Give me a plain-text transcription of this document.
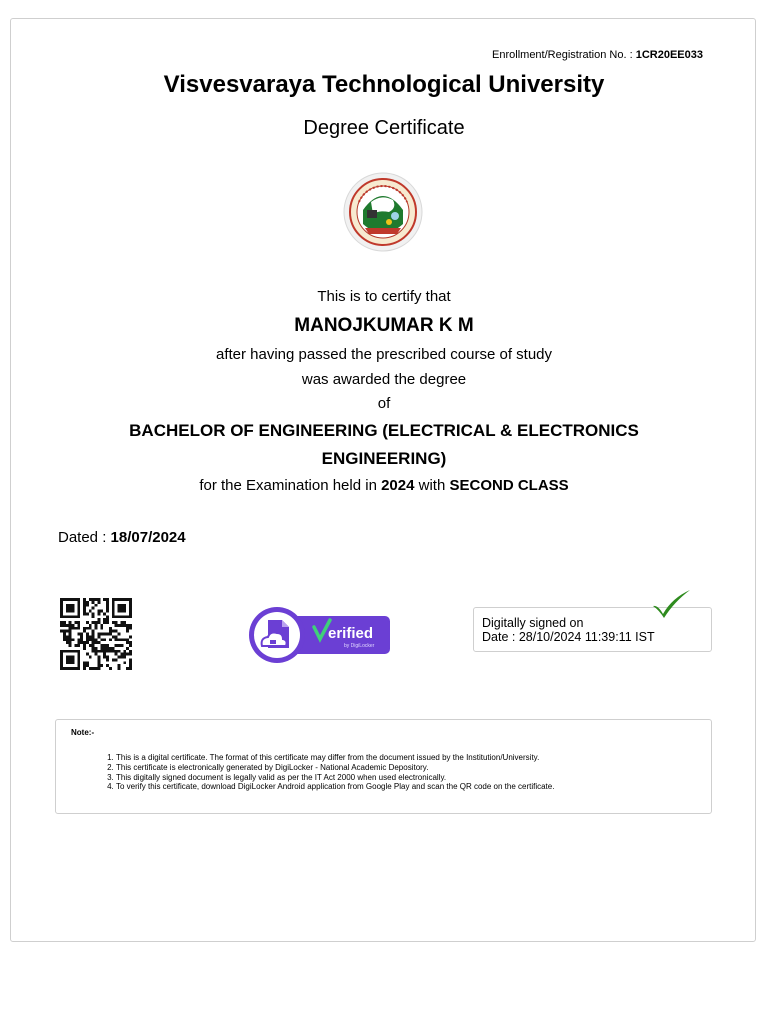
Enrollment/Registration No. : 1CR20EE033
Visvesvaraya Technological University
Degree Certificate
This is to certify that
MANOJKUMAR K M
after having passed the prescribed course of study
was awarded the degree
of
BACHELOR OF ENGINEERING (ELECTRICAL & ELECTRONICS
ENGINEERING)
for the Examination held in 2024 with SECOND CLASS
Dated : 18/07/2024
erified
by DigiLocker
Digitally signed on
Date : 28/10/2024 11:39:11 IST
Note:-
1. This is a digital certificate. The format of this certificate may differ from the document issued by the Institution/University.
2. This certificate is electronically generated by DigiLocker - National Academic Depository.
3. This digitally signed document is legally valid as per the IT Act 2000 when used electronically.
4. To verify this certificate, download DigiLocker Android application from Google Play and scan the QR code on the certificate.
